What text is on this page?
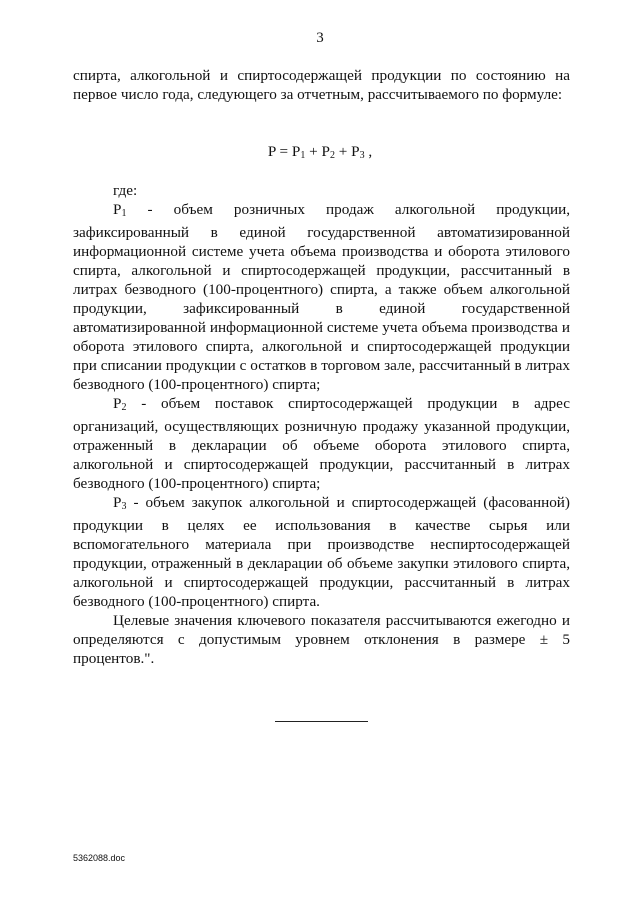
3

спирта, алкогольной и спиртосодержащей продукции по состоянию на первое число года, следующего за отчетным, рассчитываемого по формуле:

$P = P_1 + P_2 + P_3$ ,

где:

$P_1$ - объем розничных продаж алкогольной продукции, зафиксированный в единой государственной автоматизированной информационной системе учета объема производства и оборота этилового спирта, алкогольной и спиртосодержащей продукции, рассчитанный в литрах безводного (100-процентного) спирта, а также объем алкогольной продукции, зафиксированный в единой государственной автоматизированной информационной системе учета объема производства и оборота этилового спирта, алкогольной и спиртосодержащей продукции при списании продукции с остатков в торговом зале, рассчитанный в литрах безводного (100-процентного) спирта;

$P_2$ - объем поставок спиртосодержащей продукции в адрес организаций, осуществляющих розничную продажу указанной продукции, отраженный в декларации об объеме оборота этилового спирта, алкогольной и спиртосодержащей продукции, рассчитанный в литрах безводного (100-процентного) спирта;

$P_3$ - объем закупок алкогольной и спиртосодержащей (фасованной) продукции в целях ее использования в качестве сырья или вспомогательного материала при производстве неспиртосодержащей продукции, отраженный в декларации об объеме закупки этилового спирта, алкогольной и спиртосодержащей продукции, рассчитанный в литрах безводного (100-процентного) спирта.

Целевые значения ключевого показателя рассчитываются ежегодно и определяются с допустимым уровнем отклонения в размере ± 5 процентов.".

5362088.doc
